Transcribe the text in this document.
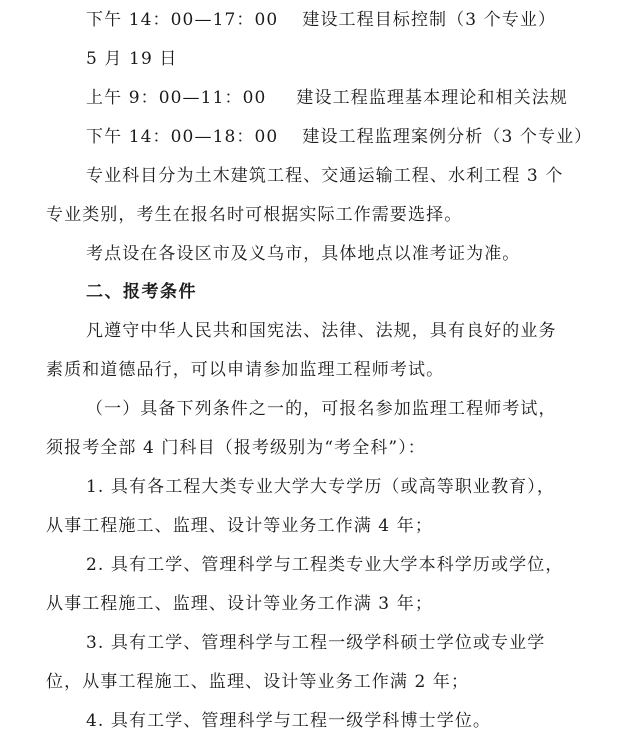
下午 14：00—17：00 建设工程目标控制（3 个专业）
5 月 19 日
上午 9：00—11：00 建设工程监理基本理论和相关法规
下午 14：00—18：00 建设工程监理案例分析（3 个专业）
专业科目分为土木建筑工程、交通运输工程、水利工程 3 个
专业类别，考生在报名时可根据实际工作需要选择。
考点设在各设区市及义乌市，具体地点以准考证为准。
二、报考条件
凡遵守中华人民共和国宪法、法律、法规，具有良好的业务
素质和道德品行，可以申请参加监理工程师考试。
（一）具备下列条件之一的，可报名参加监理工程师考试，
须报考全部 4 门科目（报考级别为“考全科”）：
1. 具有各工程大类专业大学大专学历（或高等职业教育），
从事工程施工、监理、设计等业务工作满 4 年；
2. 具有工学、管理科学与工程类专业大学本科学历或学位，
从事工程施工、监理、设计等业务工作满 3 年；
3. 具有工学、管理科学与工程一级学科硕士学位或专业学
位，从事工程施工、监理、设计等业务工作满 2 年；
4. 具有工学、管理科学与工程一级学科博士学位。
